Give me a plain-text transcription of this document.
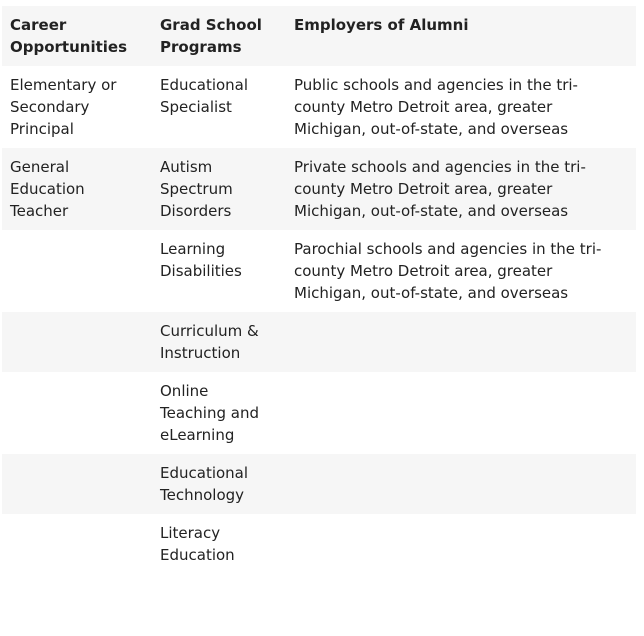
Career Opportunities
Grad School Programs
Employers of Alumni
Elementary or Secondary Principal
Educational Specialist
Public schools and agencies in the tri-county Metro Detroit area, greater Michigan, out-of-state, and overseas
General Education Teacher
Autism Spectrum Disorders
Private schools and agencies in the tri-county Metro Detroit area, greater Michigan, out-of-state, and overseas
Learning Disabilities
Parochial schools and agencies in the tri-county Metro Detroit area, greater Michigan, out-of-state, and overseas
Curriculum & Instruction
Online Teaching and eLearning
Educational Technology
Literacy Education
